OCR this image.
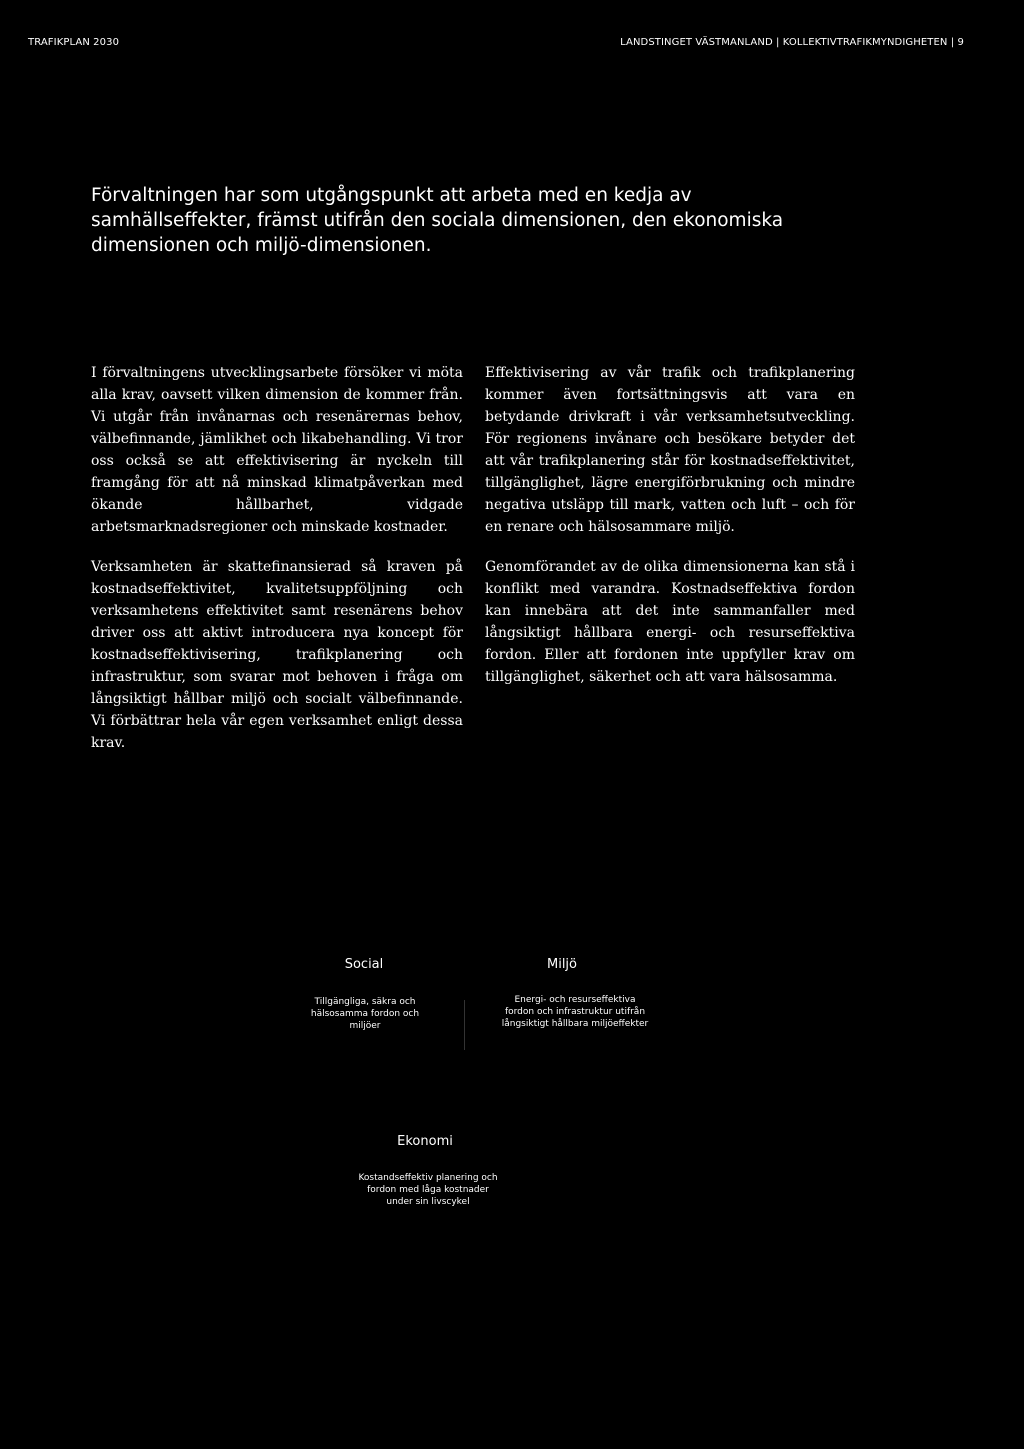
TRAFIKPLAN 2030	LANDSTINGET VÄSTMANLAND | KOLLEKTIVTRAFIKMYNDIGHETEN | 9

Förvaltningen har som utgångspunkt att arbeta med en kedja av samhällseffekter, främst utifrån den sociala dimensionen, den ekonomiska dimensionen och miljö-dimensionen.

I förvaltningens utvecklingsarbete försöker vi möta alla krav, oavsett vilken dimension de kommer från. Vi utgår från invånarnas och resenärernas behov, välbefinnande, jämlikhet och likabehandling. Vi tror oss också se att effektivisering är nyckeln till framgång för att nå minskad klimatpåverkan med ökande hållbarhet, vidgade arbetsmarknadsregioner och minskade kostnader.

Verksamheten är skattefinansierad så kraven på kostnadseffektivitet, kvalitetsuppföljning och verksamhetens effektivitet samt resenärens behov driver oss att aktivt introducera nya koncept för kostnadseffektivisering, trafikplanering och infrastruktur, som svarar mot behoven i fråga om långsiktigt hållbar miljö och socialt välbefinnande. Vi förbättrar hela vår egen verksamhet enligt dessa krav.

Effektivisering av vår trafik och trafikplanering kommer även fortsättningsvis att vara en betydande drivkraft i vår verksamhetsutveckling. För regionens invånare och besökare betyder det att vår trafikplanering står för kostnadseffektivitet, tillgänglighet, lägre energiförbrukning och mindre negativa utsläpp till mark, vatten och luft – och för en renare och hälsosammare miljö.

Genomförandet av de olika dimensionerna kan stå i konflikt med varandra. Kostnadseffektiva fordon kan innebära att det inte sammanfaller med långsiktigt hållbara energi- och resurseffektiva fordon. Eller att fordonen inte uppfyller krav om tillgänglighet, säkerhet och att vara hälsosamma.

Social
Tillgängliga, säkra och hälsosamma fordon och miljöer
Miljö
Energi- och resurseffektiva fordon och infrastruktur utifrån långsiktigt hållbara miljöeffekter
Ekonomi
Kostandseffektiv planering och fordon med låga kostnader under sin livscykel
